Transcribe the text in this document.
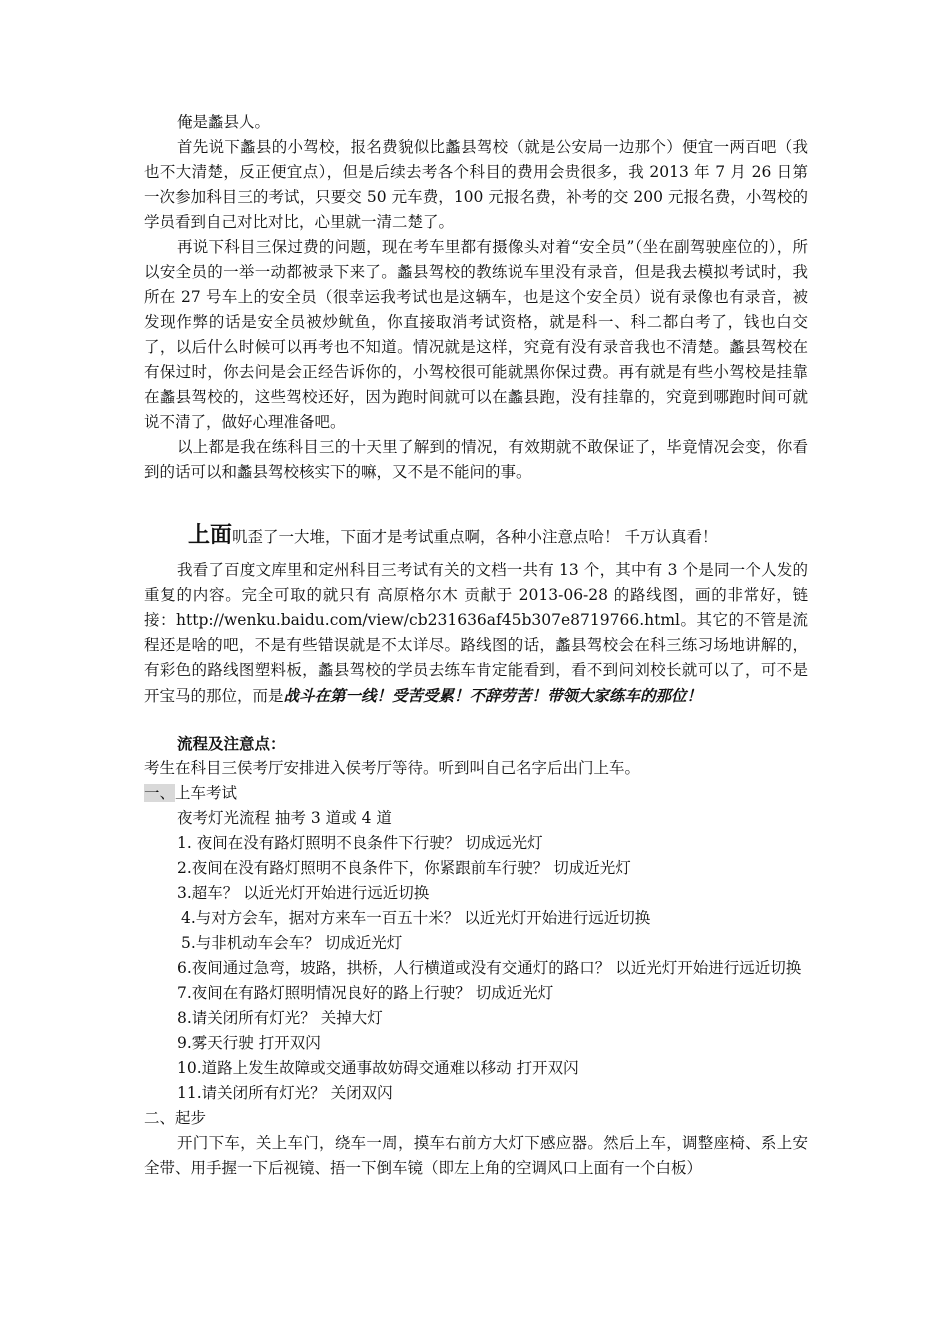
俺是蠡县人。

首先说下蠡县的小驾校，报名费貌似比蠡县驾校（就是公安局一边那个）便宜一两百吧（我也不大清楚，反正便宜点），但是后续去考各个科目的费用会贵很多，我 2013 年 7 月 26 日第一次参加科目三的考试，只要交 50 元车费，100 元报名费，补考的交 200 元报名费，小驾校的学员看到自己对比对比，心里就一清二楚了。

再说下科目三保过费的问题，现在考车里都有摄像头对着“安全员”（坐在副驾驶座位的），所以安全员的一举一动都被录下来了。蠡县驾校的教练说车里没有录音，但是我去模拟考试时，我所在 27 号车上的安全员（很幸运我考试也是这辆车，也是这个安全员）说有录像也有录音，被发现作弊的话是安全员被炒鱿鱼，你直接取消考试资格，就是科一、科二都白考了，钱也白交了，以后什么时候可以再考也不知道。情况就是这样，究竟有没有录音我也不清楚。蠡县驾校在有保过时，你去问是会正经告诉你的，小驾校很可能就黑你保过费。再有就是有些小驾校是挂靠在蠡县驾校的，这些驾校还好，因为跑时间就可以在蠡县跑，没有挂靠的，究竟到哪跑时间可就说不清了，做好心理准备吧。

以上都是我在练科目三的十天里了解到的情况，有效期就不敢保证了，毕竟情况会变，你看到的话可以和蠡县驾校核实下的嘛，又不是不能问的事。

上面叽歪了一大堆，下面才是考试重点啊，各种小注意点哈！ 千万认真看！

我看了百度文库里和定州科目三考试有关的文档一共有 13 个，其中有 3 个是同一个人发的重复的内容。完全可取的就只有 高原格尔木 贡献于 2013-06-28 的路线图，画的非常好，链接：http://wenku.baidu.com/view/cb231636af45b307e8719766.html。其它的不管是流程还是啥的吧，不是有些错误就是不太详尽。路线图的话，蠡县驾校会在科三练习场地讲解的，有彩色的路线图塑料板，蠡县驾校的学员去练车肯定能看到，看不到问刘校长就可以了，可不是开宝马的那位，而是战斗在第一线！受苦受累！不辞劳苦！带领大家练车的那位！

流程及注意点：

考生在科目三侯考厅安排进入侯考厅等待。听到叫自己名字后出门上车。

一、上车考试

夜考灯光流程 抽考 3 道或 4 道

1. 夜间在没有路灯照明不良条件下行驶？ 切成远光灯

2.夜间在没有路灯照明不良条件下，你紧跟前车行驶？ 切成近光灯

3.超车？ 以近光灯开始进行远近切换

4.与对方会车，据对方来车一百五十米？ 以近光灯开始进行远近切换

5.与非机动车会车？ 切成近光灯

6.夜间通过急弯，坡路，拱桥，人行横道或没有交通灯的路口？ 以近光灯开始进行远近切换

7.夜间在有路灯照明情况良好的路上行驶？ 切成近光灯

8.请关闭所有灯光？ 关掉大灯

9.雾天行驶 打开双闪

10.道路上发生故障或交通事故妨碍交通难以移动 打开双闪

11.请关闭所有灯光？ 关闭双闪

二、起步

开门下车，关上车门，绕车一周，摸车右前方大灯下感应器。然后上车，调整座椅、系上安全带、用手握一下后视镜、捂一下倒车镜（即左上角的空调风口上面有一个白板）
